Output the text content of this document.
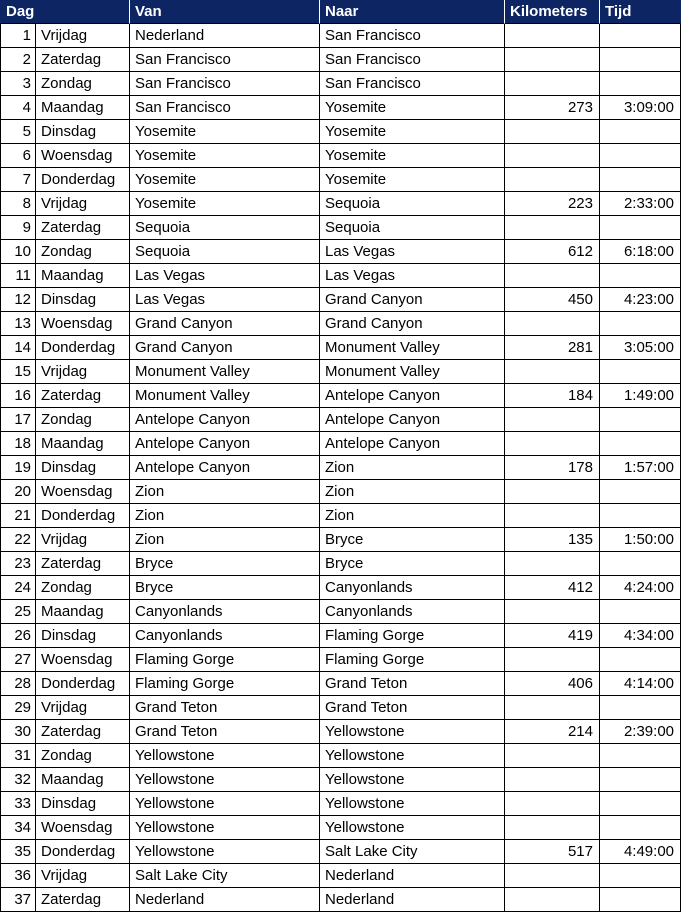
Dag		Van	Naar	Kilometers	Tijd
1	Vrijdag	Nederland	San Francisco		
2	Zaterdag	San Francisco	San Francisco		
3	Zondag	San Francisco	San Francisco		
4	Maandag	San Francisco	Yosemite	273	3:09:00
5	Dinsdag	Yosemite	Yosemite		
6	Woensdag	Yosemite	Yosemite		
7	Donderdag	Yosemite	Yosemite		
8	Vrijdag	Yosemite	Sequoia	223	2:33:00
9	Zaterdag	Sequoia	Sequoia		
10	Zondag	Sequoia	Las Vegas	612	6:18:00
11	Maandag	Las Vegas	Las Vegas		
12	Dinsdag	Las Vegas	Grand Canyon	450	4:23:00
13	Woensdag	Grand Canyon	Grand Canyon		
14	Donderdag	Grand Canyon	Monument Valley	281	3:05:00
15	Vrijdag	Monument Valley	Monument Valley		
16	Zaterdag	Monument Valley	Antelope Canyon	184	1:49:00
17	Zondag	Antelope Canyon	Antelope Canyon		
18	Maandag	Antelope Canyon	Antelope Canyon		
19	Dinsdag	Antelope Canyon	Zion	178	1:57:00
20	Woensdag	Zion	Zion		
21	Donderdag	Zion	Zion		
22	Vrijdag	Zion	Bryce	135	1:50:00
23	Zaterdag	Bryce	Bryce		
24	Zondag	Bryce	Canyonlands	412	4:24:00
25	Maandag	Canyonlands	Canyonlands		
26	Dinsdag	Canyonlands	Flaming Gorge	419	4:34:00
27	Woensdag	Flaming Gorge	Flaming Gorge		
28	Donderdag	Flaming Gorge	Grand Teton	406	4:14:00
29	Vrijdag	Grand Teton	Grand Teton		
30	Zaterdag	Grand Teton	Yellowstone	214	2:39:00
31	Zondag	Yellowstone	Yellowstone		
32	Maandag	Yellowstone	Yellowstone		
33	Dinsdag	Yellowstone	Yellowstone		
34	Woensdag	Yellowstone	Yellowstone		
35	Donderdag	Yellowstone	Salt Lake City	517	4:49:00
36	Vrijdag	Salt Lake City	Nederland		
37	Zaterdag	Nederland	Nederland		
